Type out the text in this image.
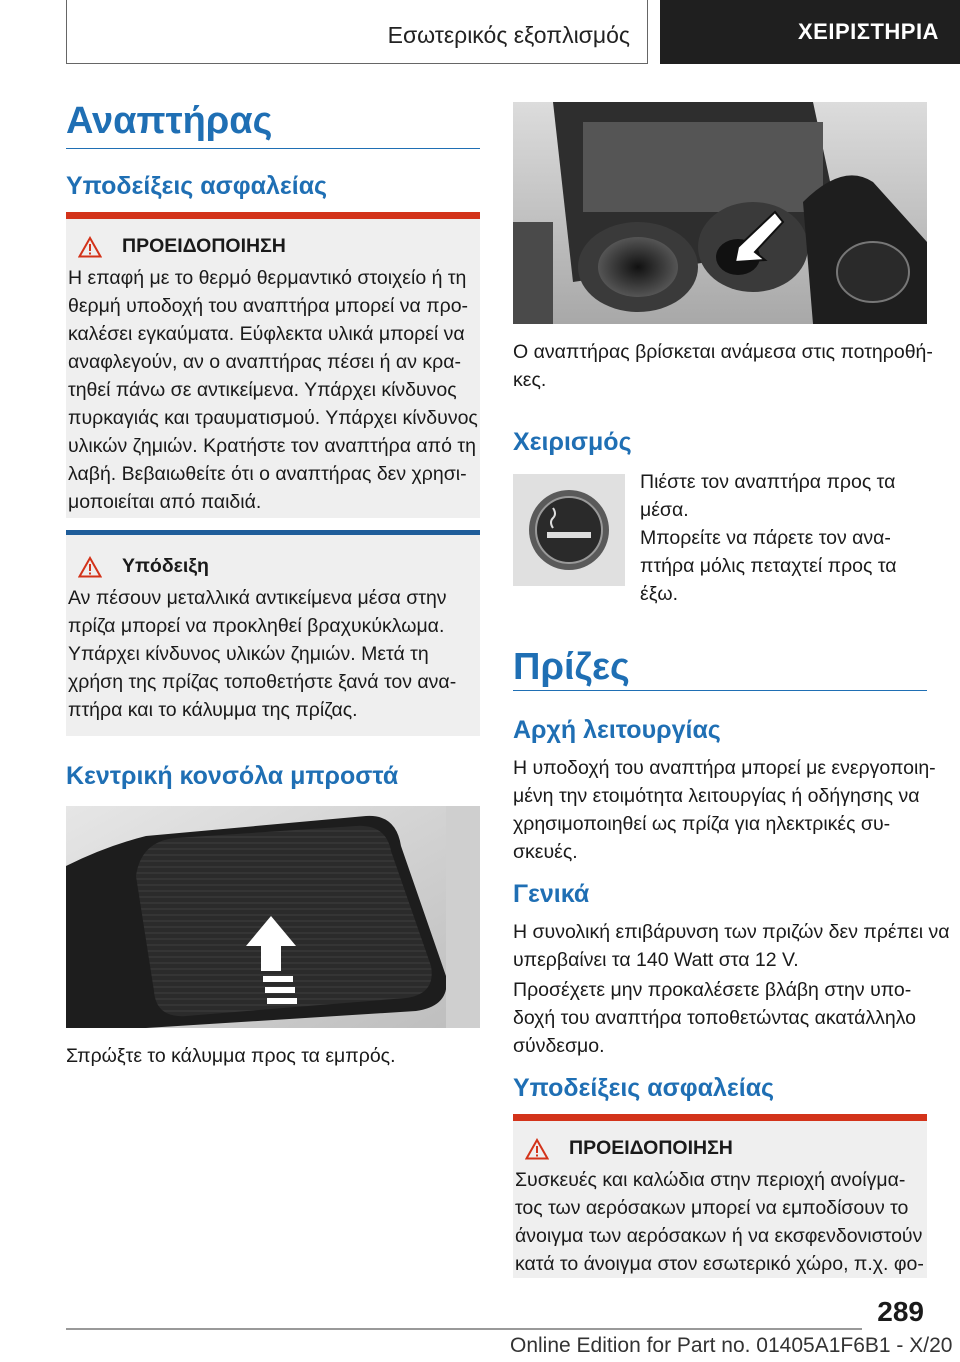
Εσωτερικός εξοπλισμός	ΧΕΙΡΙΣΤΗΡΙΑ
Αναπτήρας
Υποδείξεις ασφαλείας
ΠΡΟΕΙΔΟΠΟΙΗΣΗ

Η επαφή με το θερμό θερμαντικό στοιχείο ή τη

θερμή υποδοχή του αναπτήρα μπορεί να προ-

καλέσει εγκαύματα. Εύφλεκτα υλικά μπορεί να

αναφλεγούν, αν ο αναπτήρας πέσει ή αν κρα-

τηθεί πάνω σε αντικείμενα. Υπάρχει κίνδυνος

πυρκαγιάς και τραυματισμού. Υπάρχει κίνδυνος

υλικών ζημιών. Κρατήστε τον αναπτήρα από τη

λαβή. Βεβαιωθείτε ότι ο αναπτήρας δεν χρησι-

μοποιείται από παιδιά.

Υπόδειξη

Αν πέσουν μεταλλικά αντικείμενα μέσα στην

πρίζα μπορεί να προκληθεί βραχυκύκλωμα.

Υπάρχει κίνδυνος υλικών ζημιών. Μετά τη

χρήση της πρίζας τοποθετήστε ξανά τον ανα-

πτήρα και το κάλυμμα της πρίζας.

Κεντρική κονσόλα μπροστά

Σπρώξτε το κάλυμμα προς τα εμπρός.

Ο αναπτήρας βρίσκεται ανάμεσα στις ποτηροθή-

κες.

Χειρισμός

Πιέστε τον αναπτήρα προς τα

μέσα.

Μπορείτε να πάρετε τον ανα-

πτήρα μόλις πεταχτεί προς τα

έξω.

Πρίζες
Αρχή λειτουργίας

Η υποδοχή του αναπτήρα μπορεί με ενεργοποιη-

μένη την ετοιμότητα λειτουργίας ή οδήγησης να

χρησιμοποιηθεί ως πρίζα για ηλεκτρικές συ-

σκευές.

Γενικά

Η συνολική επιβάρυνση των πριζών δεν πρέπει να

υπερβαίνει τα 140 Watt στα 12 V.

Προσέχετε μην προκαλέσετε βλάβη στην υπο-

δοχή του αναπτήρα τοποθετώντας ακατάλληλο

σύνδεσμο.

Υποδείξεις ασφαλείας
ΠΡΟΕΙΔΟΠΟΙΗΣΗ

Συσκευές και καλώδια στην περιοχή ανοίγμα-

τος των αερόσακων μπορεί να εμποδίσουν το

άνοιγμα των αερόσακων ή να εκσφενδονιστούν

κατά το άνοιγμα στον εσωτερικό χώρο, π.χ. φο-

289
Online Edition for Part no. 01405A1F6B1 - X/20
